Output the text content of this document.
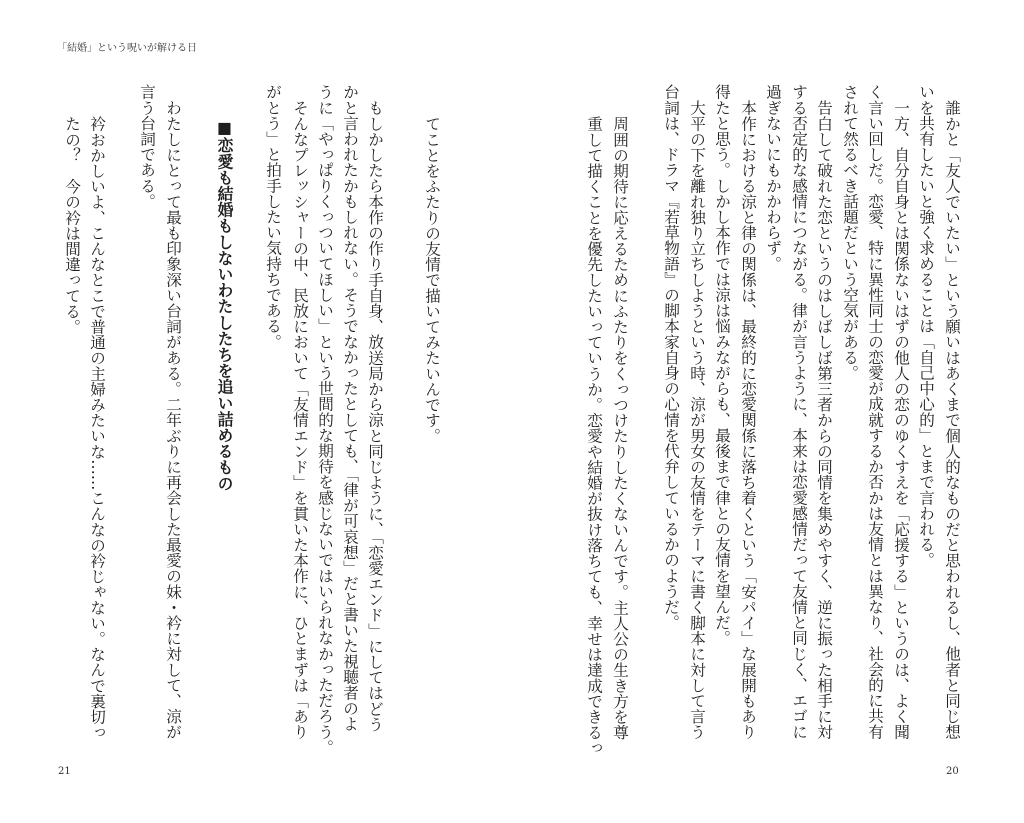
「結婚」という呪いが解ける日
誰かと「友人でいたい」という願いはあくまで個人的なものだと思われるし、他者と同じ想
いを共有したいと強く求めることは「自己中心的」とまで言われる。
一方、自分自身とは関係ないはずの他人の恋のゆくすえを「応援する」というのは、よく聞
く言い回しだ。恋愛、特に異性同士の恋愛が成就するか否かは友情とは異なり、社会的に共有
されて然るべき話題だという空気がある。
告白して破れた恋というのはしばしば第三者からの同情を集めやすく、逆に振った相手に対
する否定的な感情につながる。律が言うように、本来は恋愛感情だって友情と同じく、エゴに
過ぎないにもかかわらず。
本作における涼と律の関係は、最終的に恋愛関係に落ち着くという「安パイ」な展開もあり
得たと思う。しかし本作では涼は悩みながらも、最後まで律との友情を望んだ。
大平の下を離れ独り立ちしようという時、涼が男女の友情をテーマに書く脚本に対して言う
台詞は、ドラマ『若草物語』の脚本家自身の心情を代弁しているかのようだ。
周囲の期待に応えるためにふたりをくっつけたりしたくないんです。主人公の生き方を尊
重して描くことを優先したいっていうか。恋愛や結婚が抜け落ちても、幸せは達成できるっ
20
てことをふたりの友情で描いてみたいんです。
もしかしたら本作の作り手自身、放送局から涼と同じように、「恋愛エンド」にしてはどう
かと言われたかもしれない。そうでなかったとしても、「律が可哀想」だと書いた視聴者のよ
うに「やっぱりくっついてほしい」という世間的な期待を感じないではいられなかっただろう。
そんなプレッシャーの中、民放において「友情エンド」を貫いた本作に、ひとまずは「あり
がとう」と拍手したい気持ちである。
■恋愛も結婚もしないわたしたちを追い詰めるもの
わたしにとって最も印象深い台詞がある。二年ぶりに再会した最愛の妹・衿に対して、涼が
言う台詞である。
衿おかしいよ、こんなとこで普通の主婦みたいな……こんなの衿じゃない。なんで裏切っ
たの？　今の衿は間違ってる。
21
